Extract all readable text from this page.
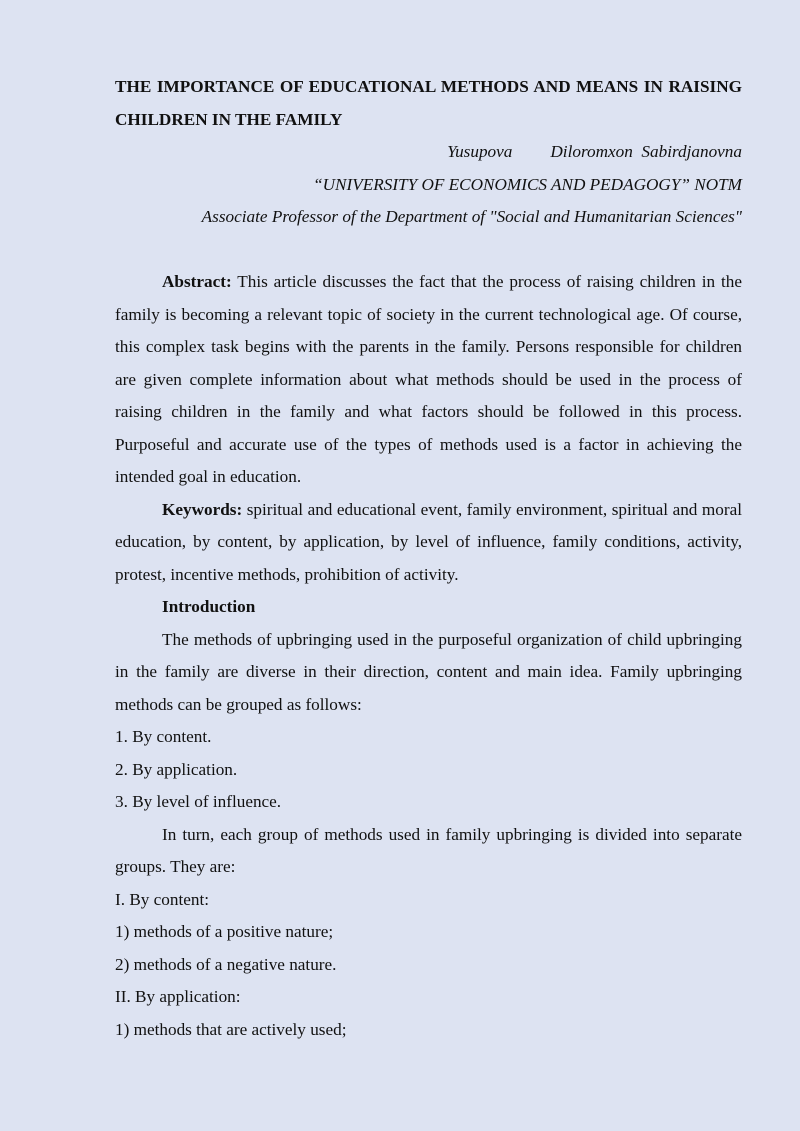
THE IMPORTANCE OF EDUCATIONAL METHODS AND MEANS IN RAISING CHILDREN IN THE FAMILY

Yusupova Diloromxon  Sabirdjanovna

“UNIVERSITY OF ECONOMICS AND PEDAGOGY” NOTM

Associate Professor of the Department of "Social and Humanitarian Sciences"

Abstract: This article discusses the fact that the process of raising children in the family is becoming a relevant topic of society in the current technological age. Of course, this complex task begins with the parents in the family. Persons responsible for children are given complete information about what methods should be used in the process of raising children in the family and what factors should be followed in this process. Purposeful and accurate use of the types of methods used is a factor in achieving the intended goal in education.

Keywords: spiritual and educational event, family environment, spiritual and moral education, by content, by application, by level of influence, family conditions, activity, protest, incentive methods, prohibition of activity.

Introduction

The methods of upbringing used in the purposeful organization of child upbringing in the family are diverse in their direction, content and main idea. Family upbringing methods can be grouped as follows:

1. By content.

2. By application.

3. By level of influence.

In turn, each group of methods used in family upbringing is divided into separate groups. They are:

I. By content:

1) methods of a positive nature;

2) methods of a negative nature.

II. By application:

1) methods that are actively used;
